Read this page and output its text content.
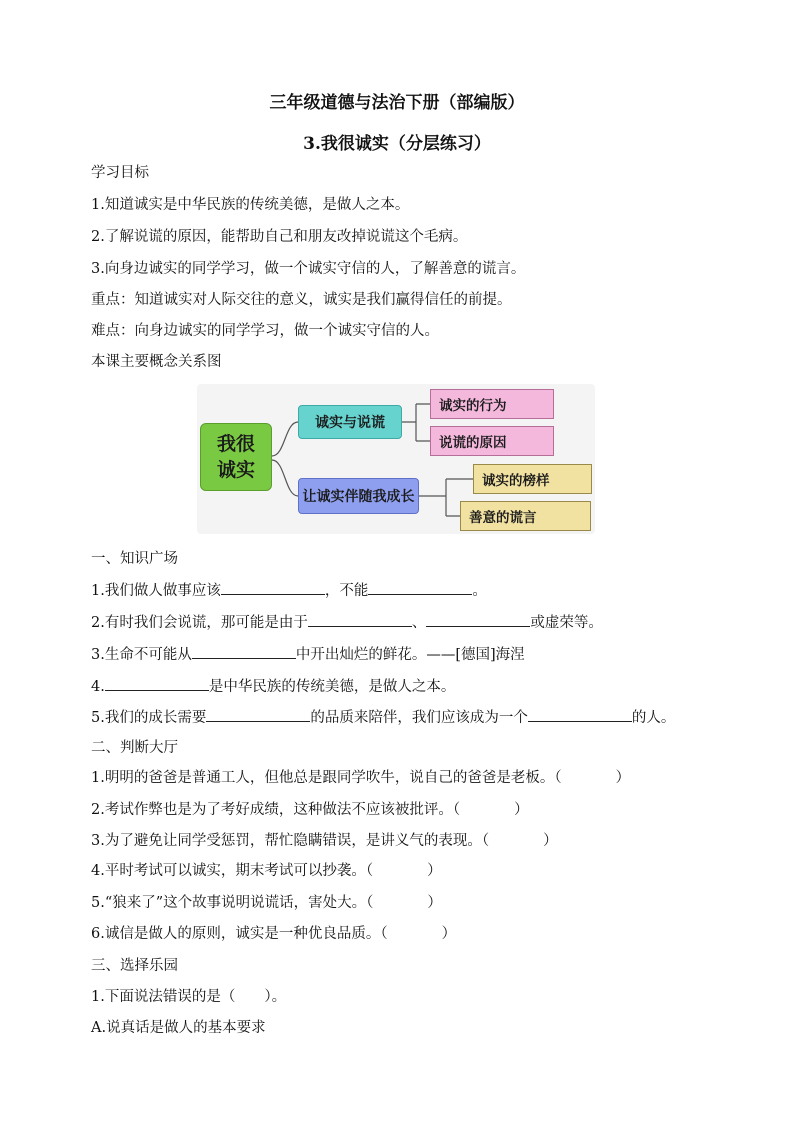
三年级道德与法治下册（部编版）
3.我很诚实（分层练习）
学习目标
1.知道诚实是中华民族的传统美德，是做人之本。
2.了解说谎的原因，能帮助自己和朋友改掉说谎这个毛病。
3.向身边诚实的同学学习，做一个诚实守信的人，了解善意的谎言。
重点：知道诚实对人际交往的意义，诚实是我们赢得信任的前提。
难点：向身边诚实的同学学习，做一个诚实守信的人。
本课主要概念关系图
我很
诚实
诚实与说谎
让诚实伴随我成长
诚实的行为
说谎的原因
诚实的榜样
善意的谎言
一、知识广场
1.我们做人做事应该	，不能	。
2.有时我们会说谎，那可能是由于	、	或虚荣等。
3.生命不可能从	中开出灿烂的鲜花。——[德国]海涅
4.	是中华民族的传统美德，是做人之本。
5.我们的成长需要	的品质来陪伴，我们应该成为一个	的人。
二、判断大厅
1.明明的爸爸是普通工人，但他总是跟同学吹牛，说自己的爸爸是老板。（	）
2.考试作弊也是为了考好成绩，这种做法不应该被批评。（	）
3.为了避免让同学受惩罚，帮忙隐瞒错误，是讲义气的表现。（	）
4.平时考试可以诚实，期末考试可以抄袭。（	）
5.“狼来了”这个故事说明说谎话，害处大。（	）
6.诚信是做人的原则，诚实是一种优良品质。（	）
三、选择乐园
1.下面说法错误的是（　　）。
A.说真话是做人的基本要求
